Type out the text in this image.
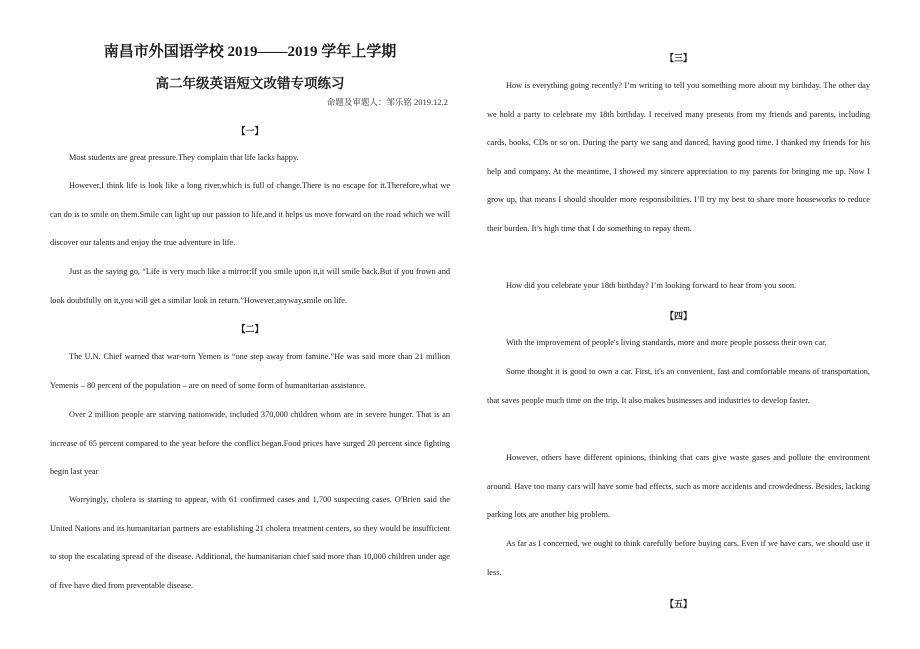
南昌市外国语学校 2019——2019 学年上学期
高二年级英语短文改错专项练习
命题及审题人：邹乐铭 2019.12.2
【一】

Most students are great pressure.They complain that life lacks happy.

However,I think life is look like a long river,which is full of change.There is no escape for it.Therefore,what we can do is to smile on them.Smile can light up our passion to life,and it helps us move forward on the road which we will discover our talents and enjoy the true adventure in life.

Just as the saying go, “Life is very much like a mirror:If you smile upon it,it will smile back.But if you frown and look doubtfully on it,you will get a similar look in return.”However,anyway,smile on life.

【二】

The U.N. Chief warned that war-torn Yemen is “one step away from famine.”He was said more than 21 million Yemenis – 80 percent of the population – are on need of some form of humanitarian assistance.

Over 2 million people are starving nationwide, included 370,000 children whom are in severe hunger. That is an increase of 65 percent compared to the year before the conflict began.Food prices have surged 20 percent since fighting begin last year

Worryingly, cholera is starting to appear, with 61 confirmed cases and 1,700 suspecting cases. O'Brien said the United Nations and its humanitarian partners are establishing 21 cholera treatment centers, so they would be insufficient to stop the escalating spread of the disease. Additional, the humanitarian chief said more than 10,000 children under age of five have died from preventable disease.

【三】

How is everything going recently? I’m writing to tell you something more about my birthday. The other day we hold a party to celebrate my 18th birthday. I received many presents from my friends and parents, including cards, books, CDs or so on. During the party we sang and danced, having good time. I thanked my friends for his help and company. At the meantime, I showed my sincere appreciation to my parents for bringing me up. Now I grow up, that means I should shoulder more responsibilities. I’ll try my best to share more houseworks to reduce their burden. It’s high time that I do something to repay them.

How did you celebrate your 18th birthday? I’m looking forward to hear from you soon.

【四】

With the improvement of people's living standards, more and more people possess their own car.

Some thought it is good to own a car. First, it's an convenient, fast and comfortable means of transportation, that saves people much time on the trip. It also makes businesses and industries to develop faster.

However, others have different opinions, thinking that cars give waste gases and pollute the environment around. Have too many cars will have some bad effects, such as more accidents and crowdedness. Besides, lacking parking lots are another big problem.

As far as I concerned, we ought to think carefully before buying cars. Even if we have cars, we should use it less.

【五】
